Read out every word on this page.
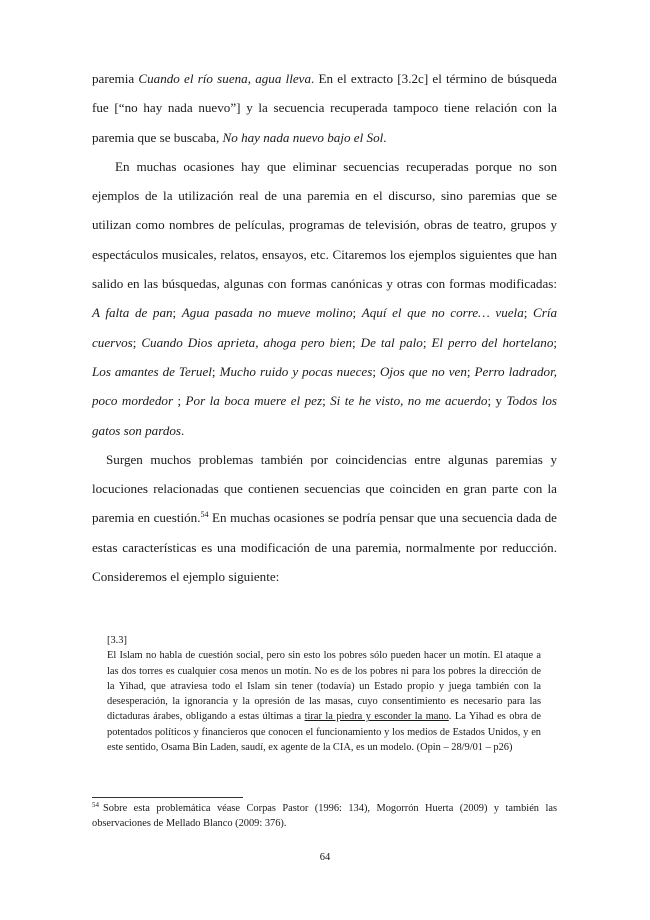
paremia Cuando el río suena, agua lleva. En el extracto [3.2c] el término de búsqueda fue [“no hay nada nuevo”] y la secuencia recuperada tampoco tiene relación con la paremia que se buscaba, No hay nada nuevo bajo el Sol.

En muchas ocasiones hay que eliminar secuencias recuperadas porque no son ejemplos de la utilización real de una paremia en el discurso, sino paremias que se utilizan como nombres de películas, programas de televisión, obras de teatro, grupos y espectáculos musicales, relatos, ensayos, etc. Citaremos los ejemplos siguientes que han salido en las búsquedas, algunas con formas canónicas y otras con formas modificadas: A falta de pan; Agua pasada no mueve molino; Aquí el que no corre… vuela; Cría cuervos; Cuando Dios aprieta, ahoga pero bien; De tal palo; El perro del hortelano; Los amantes de Teruel; Mucho ruido y pocas nueces; Ojos que no ven; Perro ladrador, poco mordedor ; Por la boca muere el pez; Si te he visto, no me acuerdo; y Todos los gatos son pardos.

Surgen muchos problemas también por coincidencias entre algunas paremias y locuciones relacionadas que contienen secuencias que coinciden en gran parte con la paremia en cuestión.$^{54}$ En muchas ocasiones se podría pensar que una secuencia dada de estas características es una modificación de una paremia, normalmente por reducción. Consideremos el ejemplo siguiente:

[3.3]

El Islam no habla de cuestión social, pero sin esto los pobres sólo pueden hacer un motín. El ataque a las dos torres es cualquier cosa menos un motín. No es de los pobres ni para los pobres la dirección de la Yihad, que atraviesa todo el Islam sin tener (todavía) un Estado propio y juega también con la desesperación, la ignorancia y la opresión de las masas, cuyo consentimiento es necesario para las dictaduras árabes, obligando a estas últimas a tirar la piedra y esconder la mano. La Yihad es obra de potentados políticos y financieros que conocen el funcionamiento y los medios de Estados Unidos, y en este sentido, Osama Bin Laden, saudí, ex agente de la CIA, es un modelo. (Opin – 28/9/01 – p26)

$^{54}$ Sobre esta problemática véase Corpas Pastor (1996: 134), Mogorrón Huerta (2009) y también las observaciones de Mellado Blanco (2009: 376).
64
